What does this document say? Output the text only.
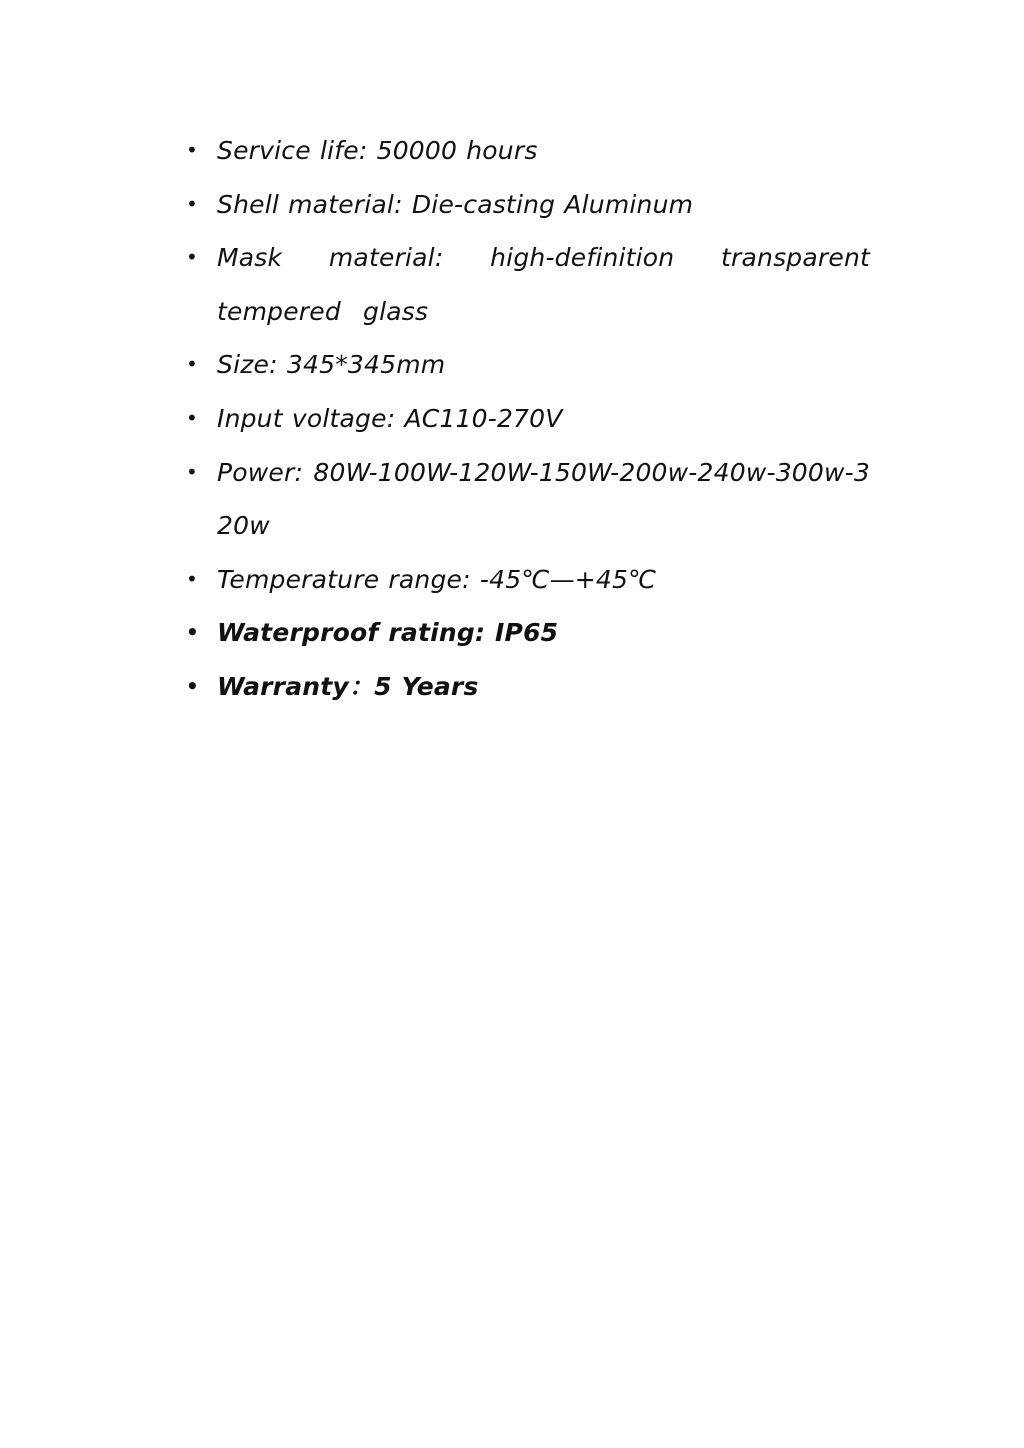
• Service life: 50000 hours
• Shell material: Die-casting Aluminum
• Mask material: high-definition transparent tempered glass
• Size: 345*345mm
• Input voltage: AC110-270V
• Power: 80W-100W-120W-150W-200w-240w-300w-320w
• Temperature range: -45℃—+45℃
• Waterproof rating: IP65
• Warranty：5 Years
